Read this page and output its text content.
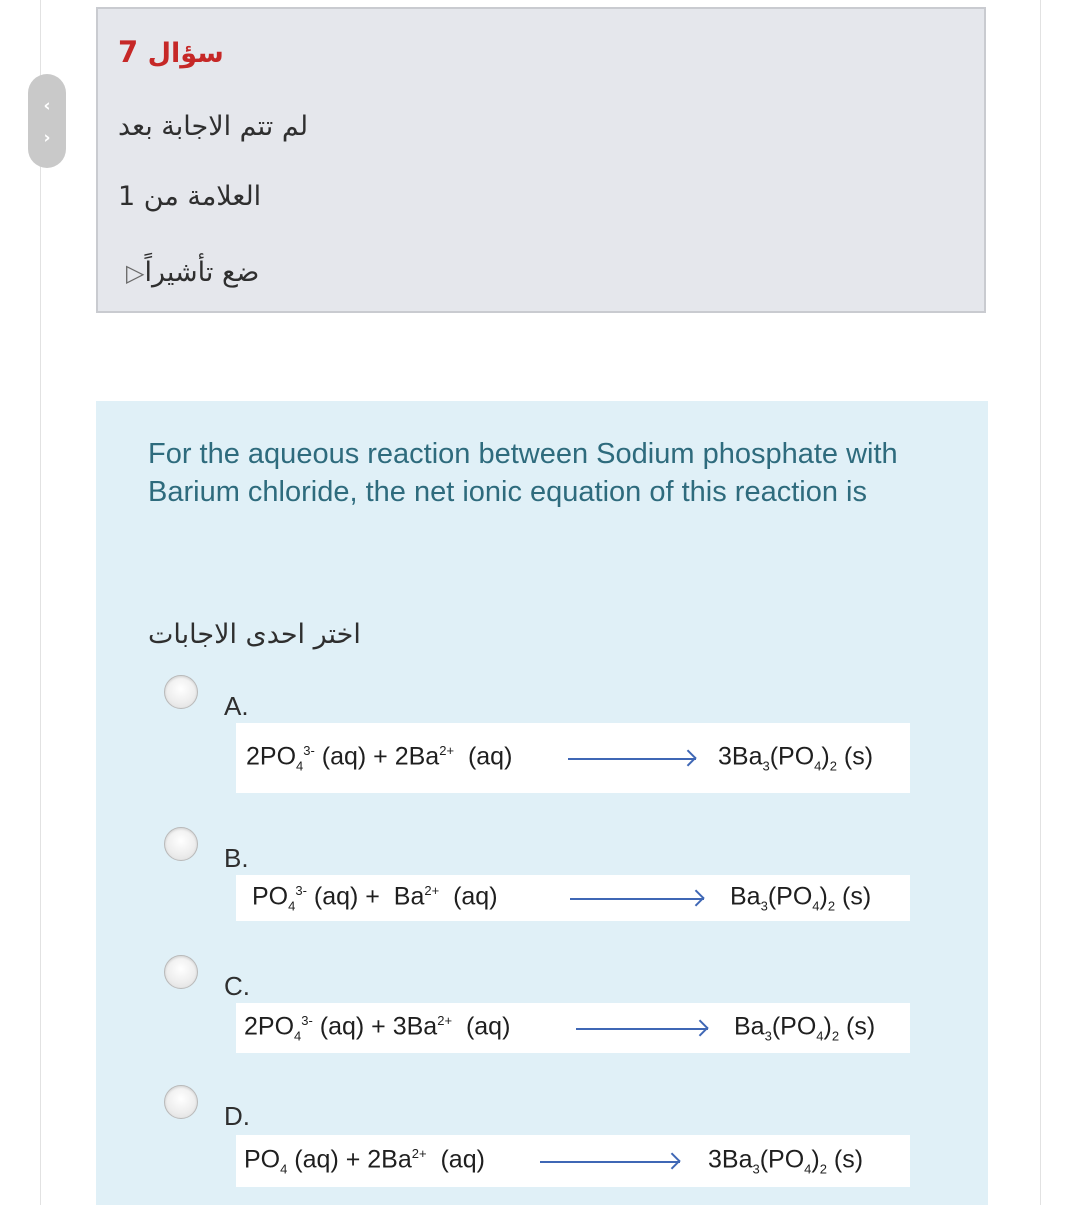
‹
›
سؤال 7
لم تتم الاجابة بعد
العلامة من 1
ضع تأشيراً▷
For the aqueous reaction between Sodium phosphate with Barium chloride, the net ionic equation of this reaction is
اختر احدى الاجابات
A.
$2PO_4^{3-}$ $(aq) + 2Ba^{2+}$  (aq)	$3Ba_3(PO_4)_2$ (s)
B.
$PO_4^{3-}$ $(aq) + Ba^{2+}$  (aq)	$Ba_3(PO_4)_2$ (s)
C.
$2PO_4^{3-}$ $(aq) + 3Ba^{2+}$  (aq)	$Ba_3(PO_4)_2$ (s)
D.
$PO_4$ $(aq) + 2Ba^{2+}$  (aq)	$3Ba_3(PO_4)_2$ (s)
